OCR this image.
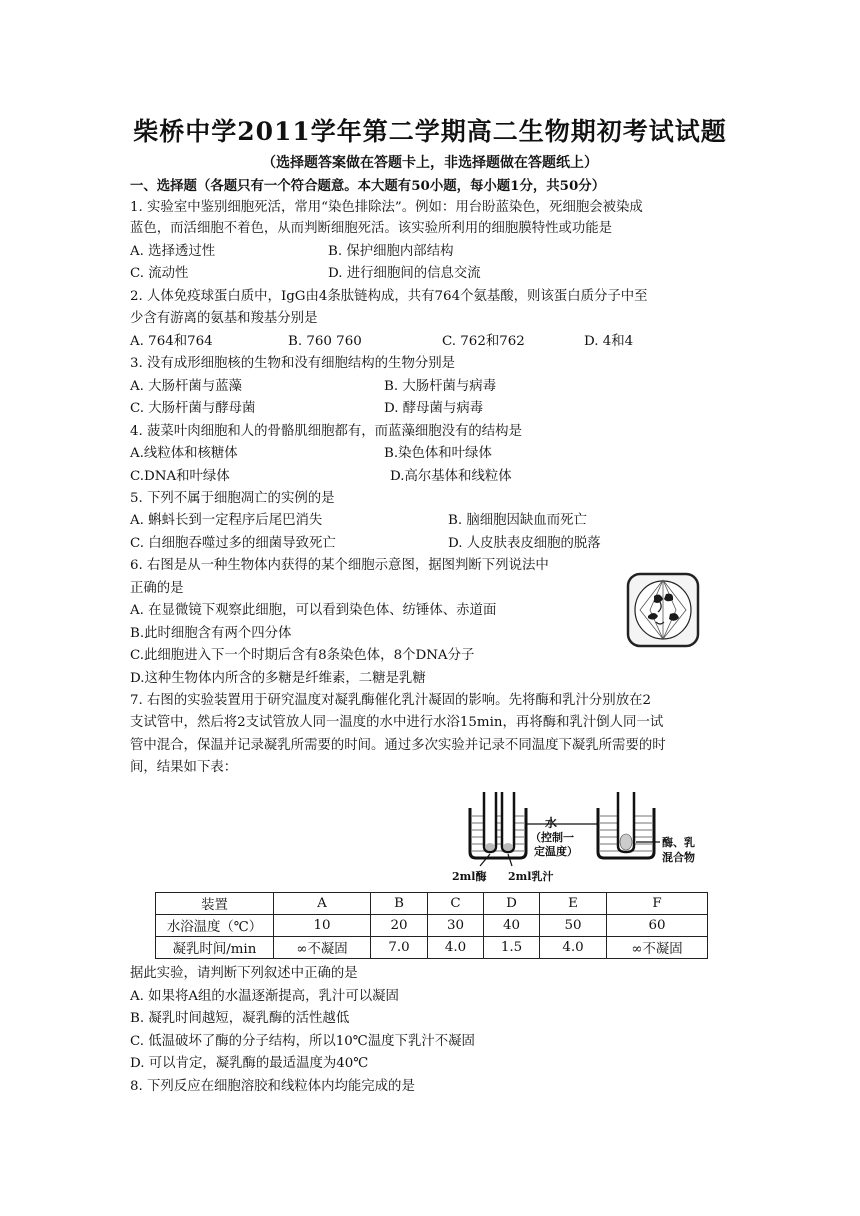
柴桥中学2011学年第二学期高二生物期初考试试题
（选择题答案做在答题卡上，非选择题做在答题纸上）
一、选择题（各题只有一个符合题意。本大题有50小题，每小题1分，共50分）
1. 实验室中鉴别细胞死活，常用“染色排除法”。例如：用台盼蓝染色，死细胞会被染成
蓝色，而活细胞不着色，从而判断细胞死活。该实验所利用的细胞膜特性或功能是
A. 选择透过性	B. 保护细胞内部结构
C. 流动性	D. 进行细胞间的信息交流
2. 人体免疫球蛋白质中，IgG由4条肽链构成，共有764个氨基酸，则该蛋白质分子中至
少含有游离的氨基和羧基分别是
A. 764和764	B. 760 760	C. 762和762	D. 4和4
3. 没有成形细胞核的生物和没有细胞结构的生物分别是
A. 大肠杆菌与蓝藻	B. 大肠杆菌与病毒
C. 大肠杆菌与酵母菌	D. 酵母菌与病毒
4. 菠菜叶肉细胞和人的骨骼肌细胞都有，而蓝藻细胞没有的结构是
A.线粒体和核糖体	B.染色体和叶绿体
C.DNA和叶绿体	D.高尔基体和线粒体
5. 下列不属于细胞凋亡的实例的是
A. 蝌蚪长到一定程序后尾巴消失	B. 脑细胞因缺血而死亡
C. 白细胞吞噬过多的细菌导致死亡	D. 人皮肤表皮细胞的脱落
6. 右图是从一种生物体内获得的某个细胞示意图，据图判断下列说法中
正确的是
A. 在显微镜下观察此细胞，可以看到染色体、纺锤体、赤道面
B.此时细胞含有两个四分体
C.此细胞进入下一个时期后含有8条染色体，8个DNA分子
D.这种生物体内所含的多糖是纤维素，二糖是乳糖
7. 右图的实验装置用于研究温度对凝乳酶催化乳汁凝固的影响。先将酶和乳汁分别放在2
支试管中，然后将2支试管放人同一温度的水中进行水浴15min，再将酶和乳汁倒人同一试
管中混合，保温并记录凝乳所需要的时间。通过多次实验并记录不同温度下凝乳所需要的时
间，结果如下表：
水
（控制一
定温度）
2ml酶 2ml乳汁
酶、乳
混合物
装置	A	B	C	D	E	F
水浴温度（℃）	10	20	30	40	50	60
凝乳时间/min	∞不凝固	7.0	4.0	1.5	4.0	∞不凝固
据此实验，请判断下列叙述中正确的是
A. 如果将A组的水温逐渐提高，乳汁可以凝固
B. 凝乳时间越短，凝乳酶的活性越低
C. 低温破坏了酶的分子结构，所以10℃温度下乳汁不凝固
D. 可以肯定，凝乳酶的最适温度为40℃
8. 下列反应在细胞溶胶和线粒体内均能完成的是
